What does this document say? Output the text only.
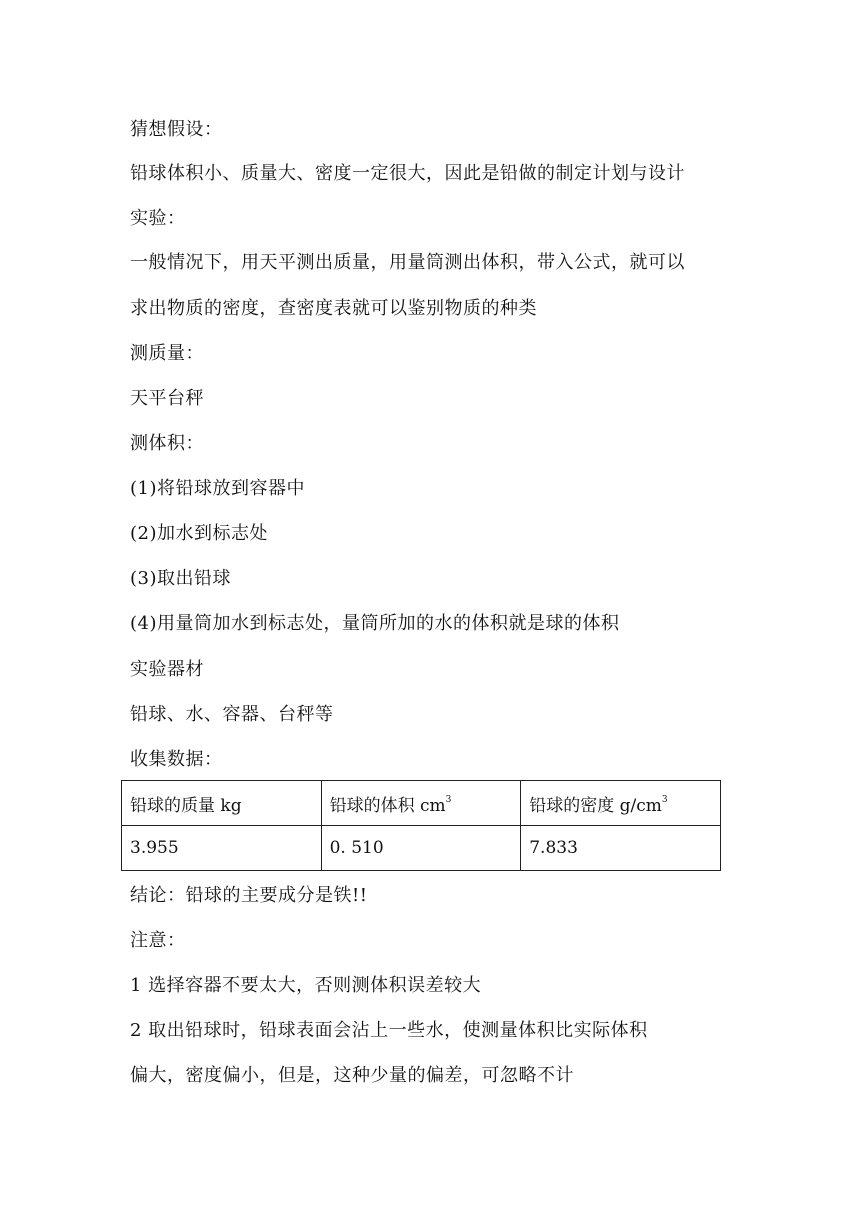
猜想假设：
铅球体积小、质量大、密度一定很大，因此是铅做的制定计划与设计
实验：
一般情况下，用天平测出质量，用量筒测出体积，带入公式，就可以
求出物质的密度，查密度表就可以鉴别物质的种类
测质量：
天平台秤
测体积：
(1)将铅球放到容器中
(2)加水到标志处
(3)取出铅球
(4)用量筒加水到标志处，量筒所加的水的体积就是球的体积
实验器材
铅球、水、容器、台秤等
收集数据：
铅球的质量 kg	铅球的体积 $cm^3$	铅球的密度 $g/cm^3$
3.955	0. 510	7.833
结论：铅球的主要成分是铁!!
注意：
1 选择容器不要太大，否则测体积误差较大
2 取出铅球时，铅球表面会沾上一些水，使测量体积比实际体积
偏大，密度偏小，但是，这种少量的偏差，可忽略不计
